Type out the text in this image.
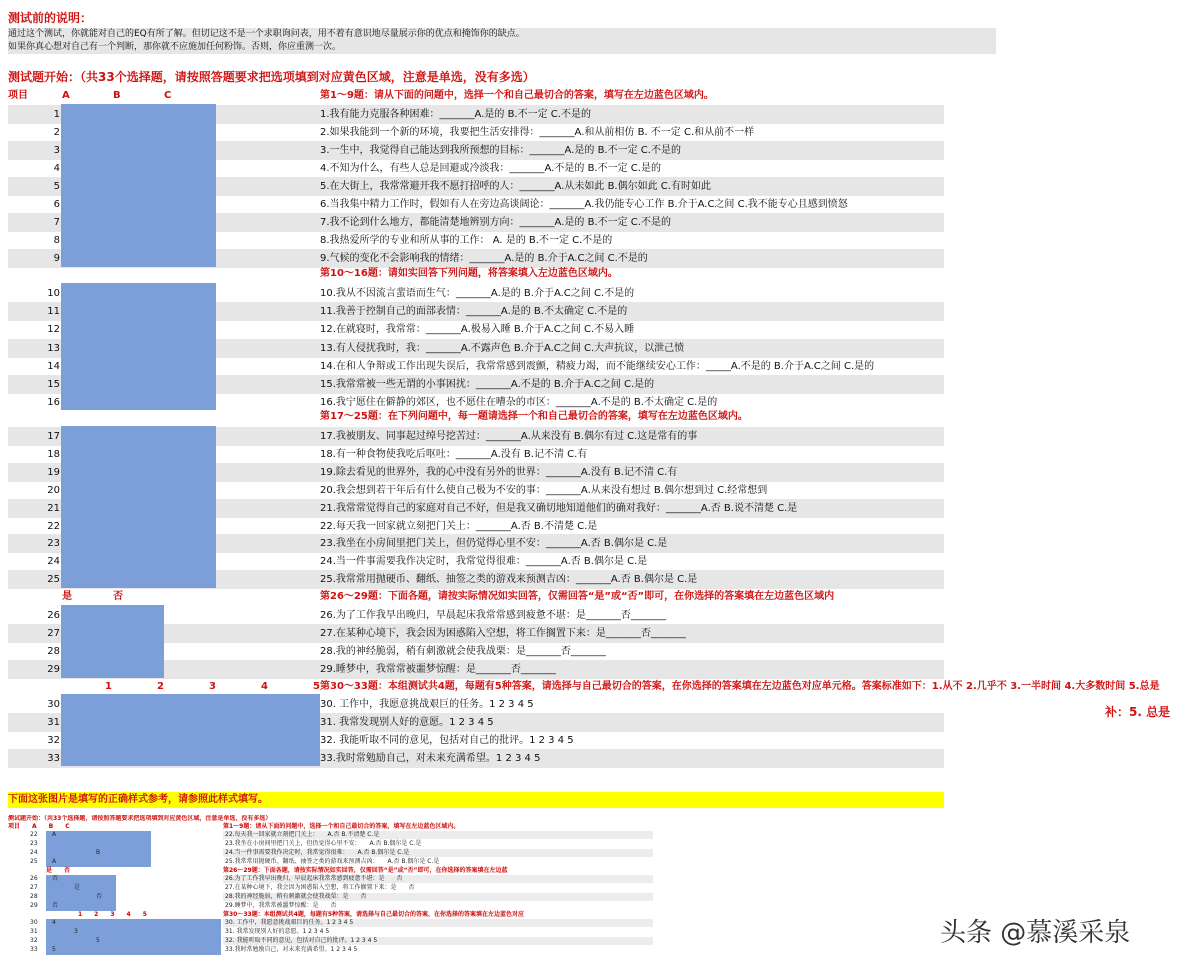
测试前的说明：
通过这个测试，你就能对自己的EQ有所了解。但切记这不是一个求职询问表，用不着有意识地尽量展示你的优点和掩饰你的缺点。
如果你真心想对自己有一个判断，那你就不应施加任何粉饰。否则，你应重测一次。
测试题开始：（共33个选择题，请按照答题要求把选项填到对应黄色区域，注意是单选，没有多选）
项目	A	B	C	第1～9题：请从下面的问题中，选择一个和自己最切合的答案，填写在左边蓝色区域内。
1	1.我有能力克服各种困难：_______A.是的 B.不一定 C.不是的
2	2.如果我能到一个新的环境，我要把生活安排得：_______A.和从前相仿 B. 不一定 C.和从前不一样
3	3.一生中，我觉得自己能达到我所预想的目标：_______A.是的 B.不一定 C.不是的
4	4.不知为什么，有些人总是回避或冷淡我：_______A.不是的 B.不一定 C.是的
5	5.在大街上，我常常避开我不愿打招呼的人：_______A.从未如此 B.偶尔如此 C.有时如此
6	6.当我集中精力工作时，假如有人在旁边高谈阔论：_______A.我仍能专心工作 B.介于A.C之间 C.我不能专心且感到愤怒
7	7.我不论到什么地方，都能清楚地辨别方向：_______A.是的 B.不一定 C.不是的
8	8.我热爱所学的专业和所从事的工作： A. 是的 B.不一定 C.不是的
9	9.气候的变化不会影响我的情绪：_______A.是的 B.介于A.C之间 C.不是的
10	10.我从不因流言蜚语而生气：_______A.是的 B.介于A.C之间 C.不是的
11	11.我善于控制自己的面部表情：_______A.是的 B.不太确定 C.不是的
12	12.在就寝时，我常常：_______A.极易入睡 B.介于A.C之间 C.不易入睡
13	13.有人侵扰我时，我：_______A.不露声色 B.介于A.C之间 C.大声抗议，以泄己愤
14	14.在和人争辩或工作出现失误后，我常常感到震颤，精疲力竭，而不能继续安心工作：_____A.不是的 B.介于A.C之间 C.是的
15	15.我常常被一些无谓的小事困扰：_______A.不是的 B.介于A.C之间 C.是的
16	16.我宁愿住在僻静的郊区，也不愿住在嘈杂的市区：_______A.不是的 B.不太确定 C.是的
17	17.我被朋友、同事起过绰号挖苦过：_______A.从来没有 B.偶尔有过 C.这是常有的事
18	18.有一种食物使我吃后呕吐：_______A.没有 B.记不清 C.有
19	19.除去看见的世界外，我的心中没有另外的世界：_______A.没有 B.记不清 C.有
20	20.我会想到若干年后有什么使自己极为不安的事：_______A.从来没有想过 B.偶尔想到过 C.经常想到
21	21.我常常觉得自己的家庭对自己不好，但是我又确切地知道他们的确对我好：_______A.否 B.说不清楚 C.是
22	22.每天我一回家就立刻把门关上：_______A.否 B.不清楚 C.是
23	23.我坐在小房间里把门关上，但仍觉得心里不安：_______A.否 B.偶尔是 C.是
24	24.当一件事需要我作决定时，我常觉得很难：_______A.否 B.偶尔是 C.是
25	25.我常常用抛硬币、翻纸、抽签之类的游戏来预测吉凶：_______A.否 B.偶尔是 C.是
26	26.为了工作我早出晚归，早晨起床我常常感到疲惫不堪：是_______否_______
27	27.在某种心境下，我会因为困惑陷入空想，将工作搁置下来：是_______否_______
28	28.我的神经脆弱，稍有刺激就会使我战栗：是_______否_______
29	29.睡梦中，我常常被噩梦惊醒：是_______否_______
30	30. 工作中，我愿意挑战艰巨的任务。1 2 3 4 5
31	31. 我常发现别人好的意愿。1 2 3 4 5
32	32. 我能听取不同的意见，包括对自己的批评。1 2 3 4 5
33	33.我时常勉励自己，对未来充满希望。1 2 3 4 5
第10～16题：请如实回答下列问题，将答案填入左边蓝色区域内。
第17～25题：在下列问题中，每一题请选择一个和自己最切合的答案，填写在左边蓝色区域内。
是	否	第26～29题：下面各题，请按实际情况如实回答，仅需回答“是”或“否”即可，在你选择的答案填在左边蓝色区域内
1	2	3	4	5 第30～33题：本组测试共4题，每题有5种答案，请选择与自己最切合的答案，在你选择的答案填在左边蓝色对应单元格。答案标准如下：1.从不 2.几乎不 3.一半时间 4.大多数时间 5.总是
补：5. 总是
下面这张图片是填写的正确样式参考，请参照此样式填写。
测试题开始：（共33个选择题，请按照答题要求把选项填到对应黄色区域，注意是单选，没有多选）
项目　　A　　B　　C	第1～9题：请从下面的问题中，选择一个和自己最切合的答案，填写在左边蓝色区域内。
22 A	22.每天我一回家就立刻把门关上：　　A.否 B.不清楚 C.是
23	23.我坐在小房间里把门关上，但仍觉得心里不安：　　A.否 B.偶尔是 C.是
24	B	24.当一件事需要我作决定时，我常觉得很难：　　A.否 B.偶尔是 C.是
25 A	25.我常常用抛硬币、翻纸、抽签之类的游戏来预测吉凶：　　A.否 B.偶尔是 C.是
26 否	26.为了工作我早出晚归，早晨起床我常常感到疲惫不堪：是　　否
27	是	27.在某种心境下，我会因为困惑陷入空想，将工作搁置下来：是　　否
28	否	28.我的神经脆弱，稍有刺激就会使我战栗：是　　否
29 否	29.睡梦中，我常常被噩梦惊醒：是　　否
30 4	30. 工作中，我愿意挑战艰巨的任务。1 2 3 4 5
31	3	31. 我常发现别人好的意愿。1 2 3 4 5
32	5	32. 我能听取不同的意见，包括对自己的批评。1 2 3 4 5
33 5	33.我时常勉励自己，对未来充满希望。1 2 3 4 5
是　　否	第26～29题：下面各题，请按实际情况如实回答，仅需回答“是”或“否”即可，在你选择的答案填在左边蓝
1　　2　　3　　4　　5	第30～33题：本组测试共4题，每题有5种答案，请选择与自己最切合的答案，在你选择的答案填在左边蓝色对应
头条 @慕溪采泉
